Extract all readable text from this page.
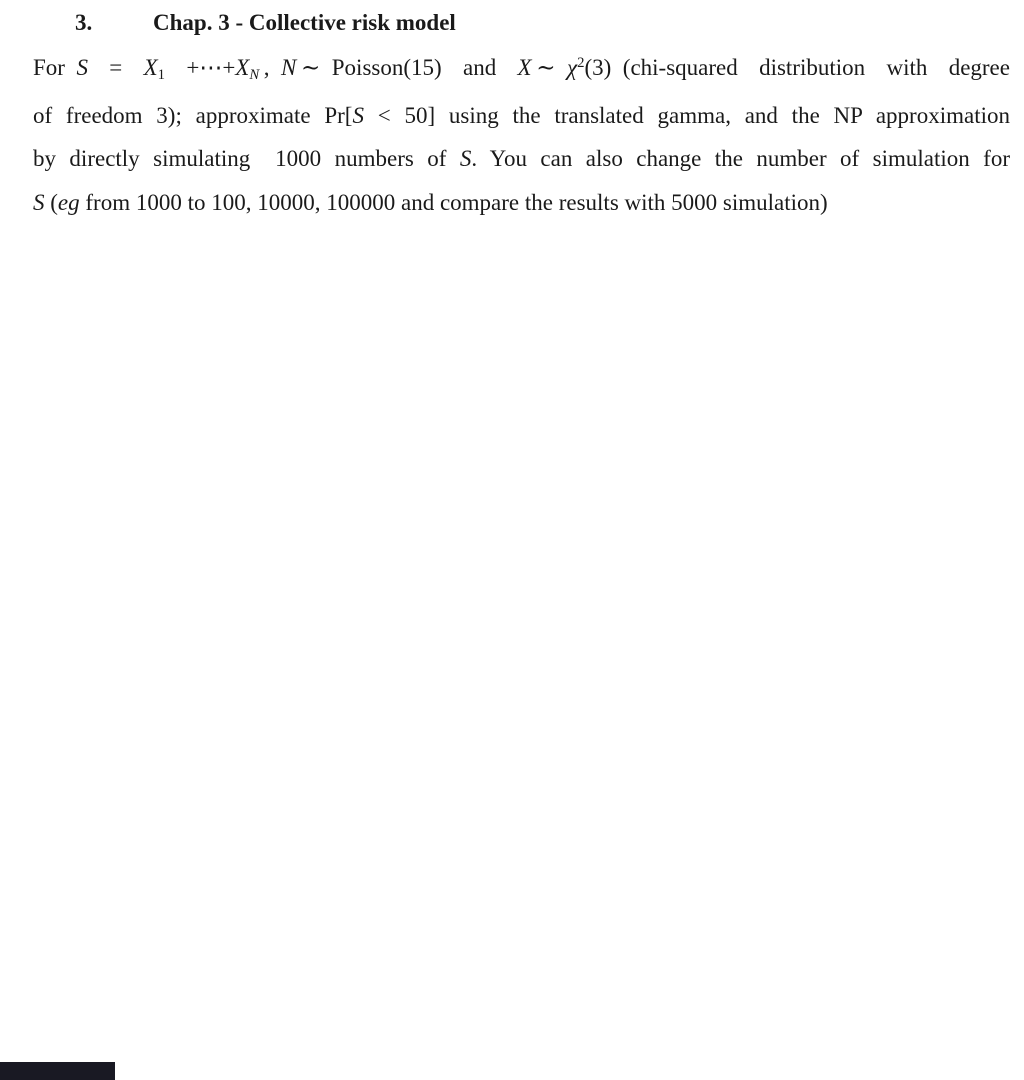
3.	Chap. 3 - Collective risk model
For S = X1 +⋯+XN , N ∼ Poisson(15) and X ∼ $\chi^2(3)$ (chi-squared distribution with degree
of freedom 3); approximate Pr[S < 50] using the translated gamma, and the NP approximation
by directly simulating  1000 numbers of S. You can also change the number of simulation for
S (eg from 1000 to 100, 10000, 100000 and compare the results with 5000 simulation)
